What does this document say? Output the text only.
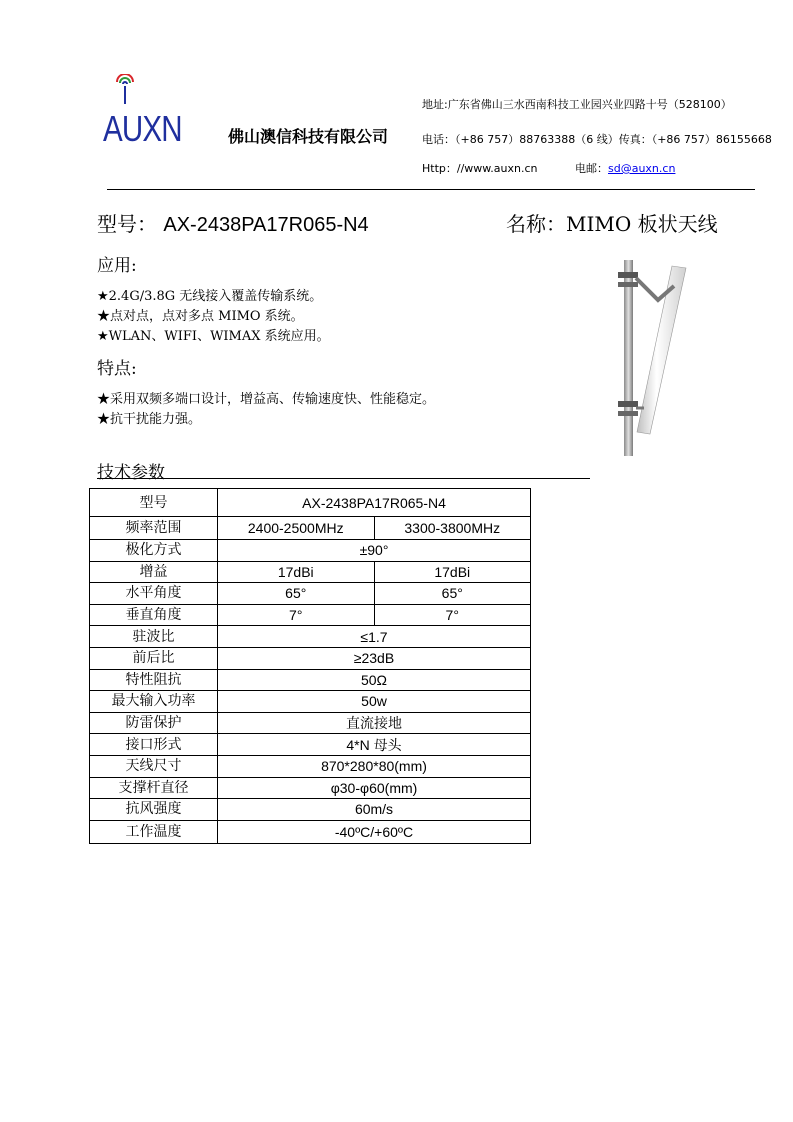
AUXN	佛山澳信科技有限公司
地址:广东省佛山三水西南科技工业园兴业四路十号（528100）
电话：（+86 757）88763388（6 线）传真：（+86 757）86155668
Http：//www.auxn.cn	电邮：sd@auxn.cn
型号： AX-2438PA17R065-N4	名称：MIMO 板状天线
应用:
★2.4G/3.8G 无线接入覆盖传输系统。
★点对点，点对多点 MIMO 系统。
★WLAN、WIFI、WIMAX 系统应用。
特点:
★采用双频多端口设计，增益高、传输速度快、性能稳定。
★抗干扰能力强。
技术参数
型号	AX-2438PA17R065-N4	
频率范围	2400-2500MHz	3300-3800MHz
极化方式	±90°	
增益	17dBi	17dBi
水平角度	65°	65°
垂直角度	7°	7°
驻波比	≤1.7	
前后比	≥23dB	
特性阻抗	50Ω	
最大输入功率	50w	
防雷保护	直流接地	
接口形式	4*N 母头	
天线尺寸	870*280*80(mm)	
支撑杆直径	φ30-φ60(mm)	
抗风强度	60m/s	
工作温度	-40ºC/+60ºC	
